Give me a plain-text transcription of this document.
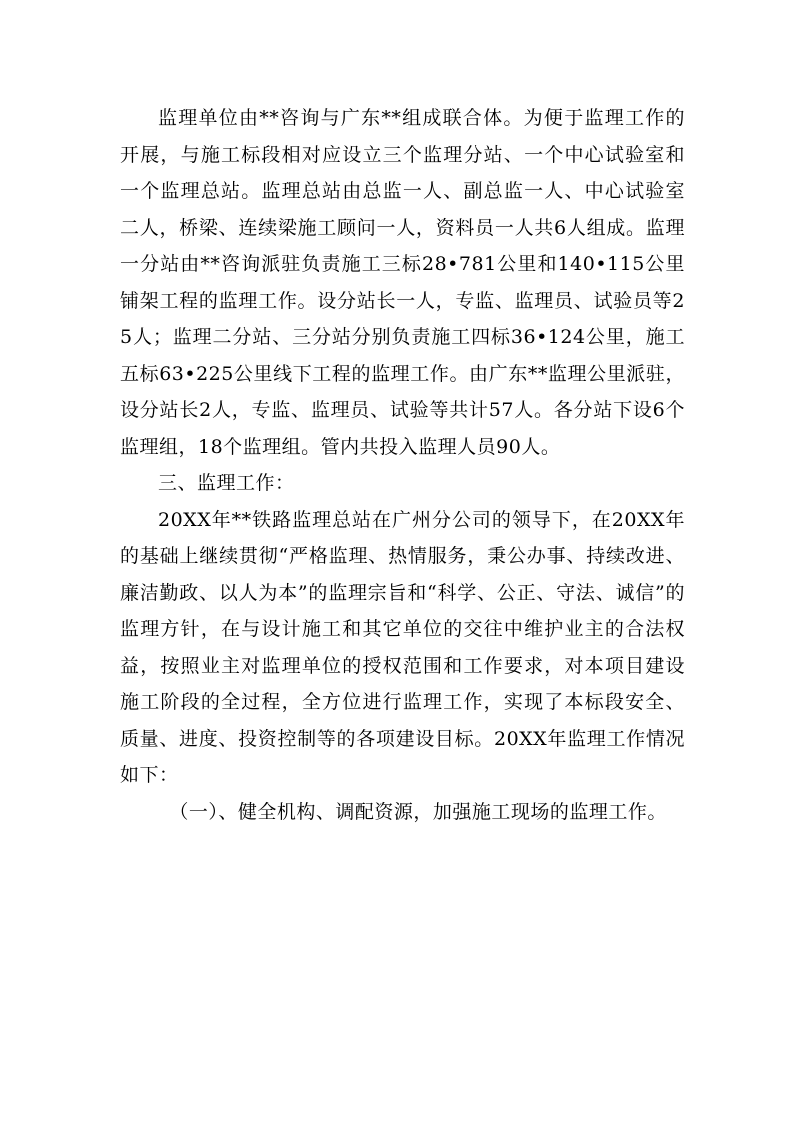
监理单位由**咨询与广东**组成联合体。为便于监理工作的开展，与施工标段相对应设立三个监理分站、一个中心试验室和一个监理总站。监理总站由总监一人、副总监一人、中心试验室二人，桥梁、连续梁施工顾问一人，资料员一人共6人组成。监理一分站由**咨询派驻负责施工三标28•781公里和140•115公里铺架工程的监理工作。设分站长一人，专监、监理员、试验员等25人；监理二分站、三分站分别负责施工四标36•124公里，施工五标63•225公里线下工程的监理工作。由广东**监理公里派驻，设分站长2人，专监、监理员、试验等共计57人。各分站下设6个监理组，18个监理组。管内共投入监理人员90人。

三、监理工作：

20XX年**铁路监理总站在广州分公司的领导下，在20XX年的基础上继续贯彻“严格监理、热情服务，秉公办事、持续改进、廉洁勤政、以人为本”的监理宗旨和“科学、公正、守法、诚信”的监理方针，在与设计施工和其它单位的交往中维护业主的合法权益，按照业主对监理单位的授权范围和工作要求，对本项目建设施工阶段的全过程，全方位进行监理工作，实现了本标段安全、质量、进度、投资控制等的各项建设目标。20XX年监理工作情况如下：

（一）、健全机构、调配资源，加强施工现场的监理工作。
